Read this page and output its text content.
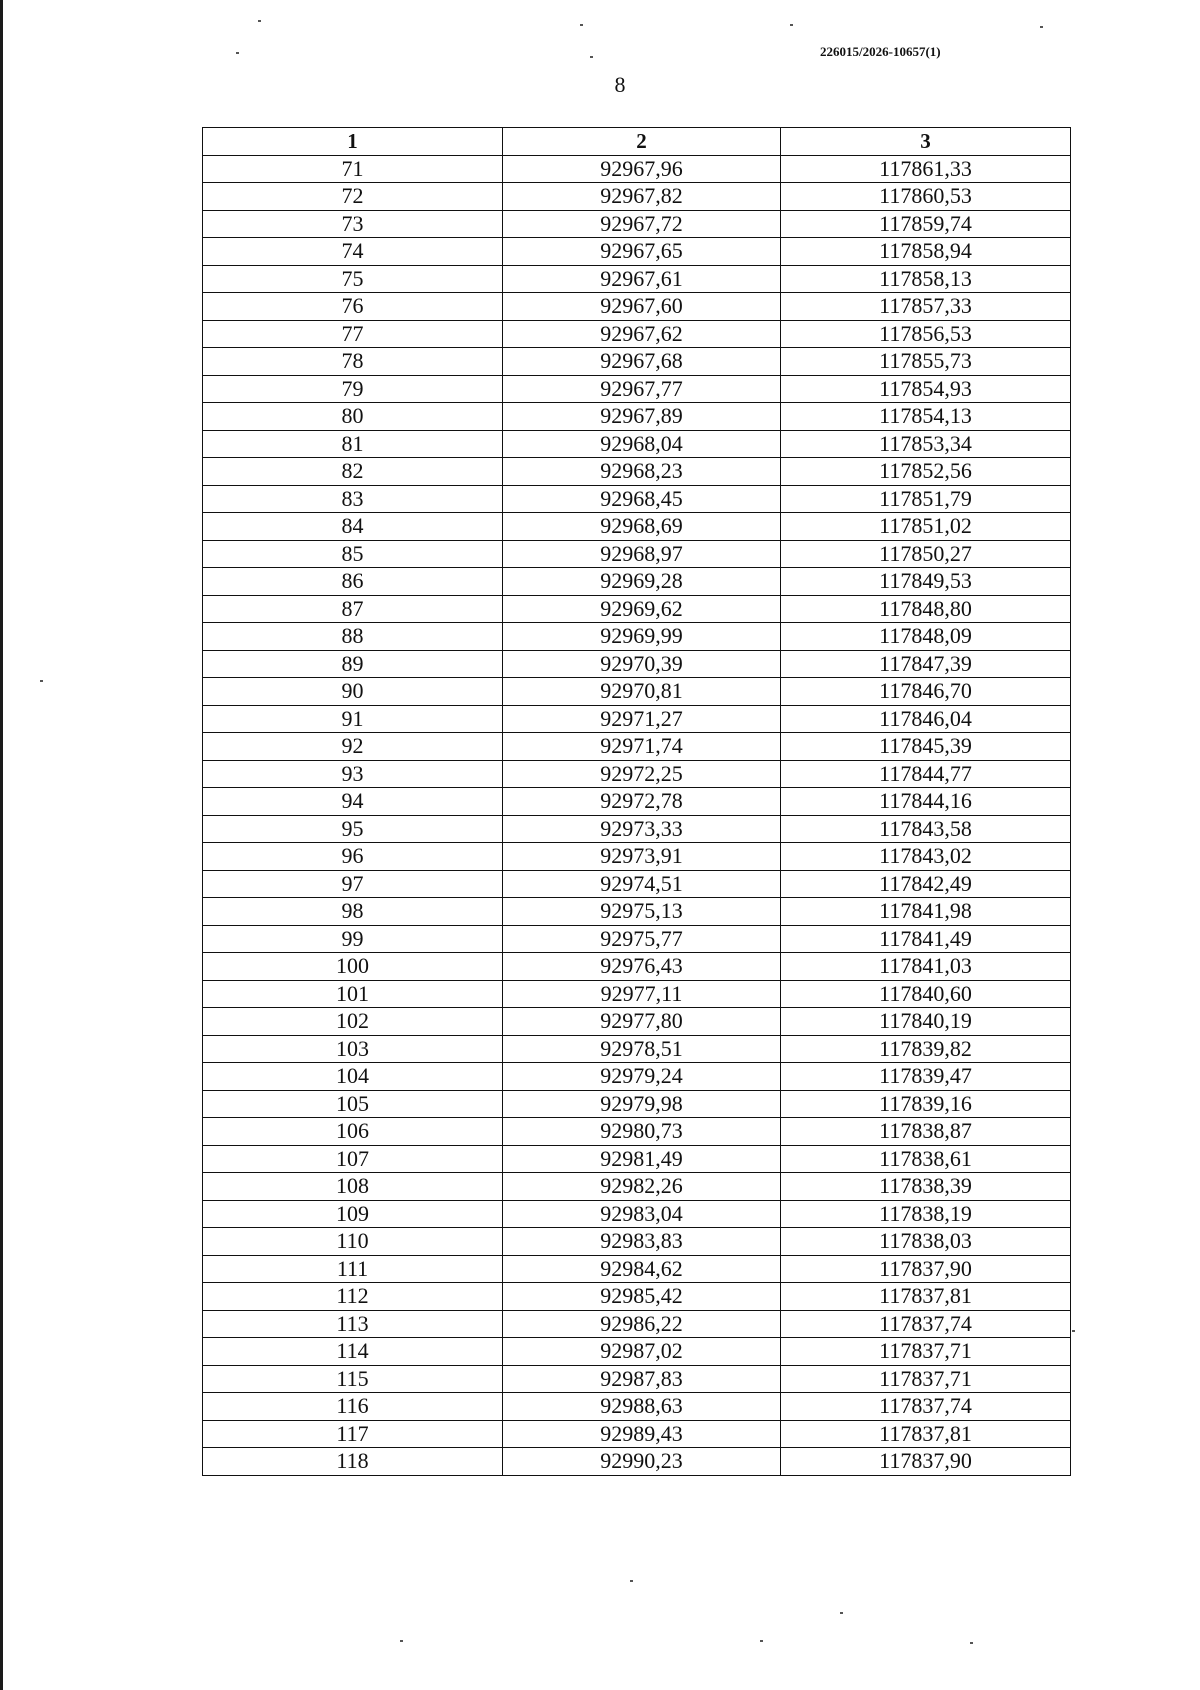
226015/2026-10657(1)
8
1	2	3
71	92967,96	117861,33
72	92967,82	117860,53
73	92967,72	117859,74
74	92967,65	117858,94
75	92967,61	117858,13
76	92967,60	117857,33
77	92967,62	117856,53
78	92967,68	117855,73
79	92967,77	117854,93
80	92967,89	117854,13
81	92968,04	117853,34
82	92968,23	117852,56
83	92968,45	117851,79
84	92968,69	117851,02
85	92968,97	117850,27
86	92969,28	117849,53
87	92969,62	117848,80
88	92969,99	117848,09
89	92970,39	117847,39
90	92970,81	117846,70
91	92971,27	117846,04
92	92971,74	117845,39
93	92972,25	117844,77
94	92972,78	117844,16
95	92973,33	117843,58
96	92973,91	117843,02
97	92974,51	117842,49
98	92975,13	117841,98
99	92975,77	117841,49
100	92976,43	117841,03
101	92977,11	117840,60
102	92977,80	117840,19
103	92978,51	117839,82
104	92979,24	117839,47
105	92979,98	117839,16
106	92980,73	117838,87
107	92981,49	117838,61
108	92982,26	117838,39
109	92983,04	117838,19
110	92983,83	117838,03
111	92984,62	117837,90
112	92985,42	117837,81
113	92986,22	117837,74
114	92987,02	117837,71
115	92987,83	117837,71
116	92988,63	117837,74
117	92989,43	117837,81
118	92990,23	117837,90
